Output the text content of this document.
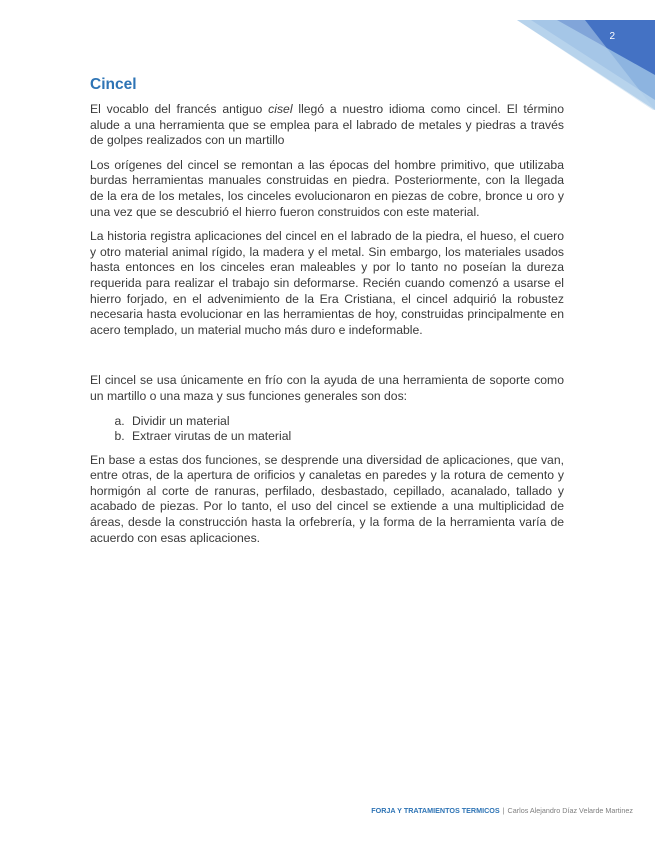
2
Cincel

El vocablo del francés antiguo cisel llegó a nuestro idioma como cincel. El término alude a una herramienta que se emplea para el labrado de metales y piedras a través de golpes realizados con un martillo

Los orígenes del cincel se remontan a las épocas del hombre primitivo, que utilizaba burdas herramientas manuales construidas en piedra. Posteriormente, con la llegada de la era de los metales, los cinceles evolucionaron en piezas de cobre, bronce u oro y una vez que se descubrió el hierro fueron construidos con este material.

La historia registra aplicaciones del cincel en el labrado de la piedra, el hueso, el cuero y otro material animal rígido, la madera y el metal. Sin embargo, los materiales usados hasta entonces en los cinceles eran maleables y por lo tanto no poseían la dureza requerida para realizar el trabajo sin deformarse. Recién cuando comenzó a usarse el hierro forjado, en el advenimiento de la Era Cristiana, el cincel adquirió la robustez necesaria hasta evolucionar en las herramientas de hoy, construidas principalmente en acero templado, un material mucho más duro e indeformable.

El cincel se usa únicamente en frío con la ayuda de una herramienta de soporte como un martillo o una maza y sus funciones generales son dos:

a. Dividir un material
b. Extraer virutas de un material

En base a estas dos funciones, se desprende una diversidad de aplicaciones, que van, entre otras, de la apertura de orificios y canaletas en paredes y la rotura de cemento y hormigón al corte de ranuras, perfilado, desbastado, cepillado, acanalado, tallado y acabado de piezas. Por lo tanto, el uso del cincel se extiende a una multiplicidad de áreas, desde la construcción hasta la orfebrería, y la forma de la herramienta varía de acuerdo con esas aplicaciones.

FORJA Y TRATAMIENTOS TERMICOS | Carlos Alejandro Díaz Velarde Martinez
